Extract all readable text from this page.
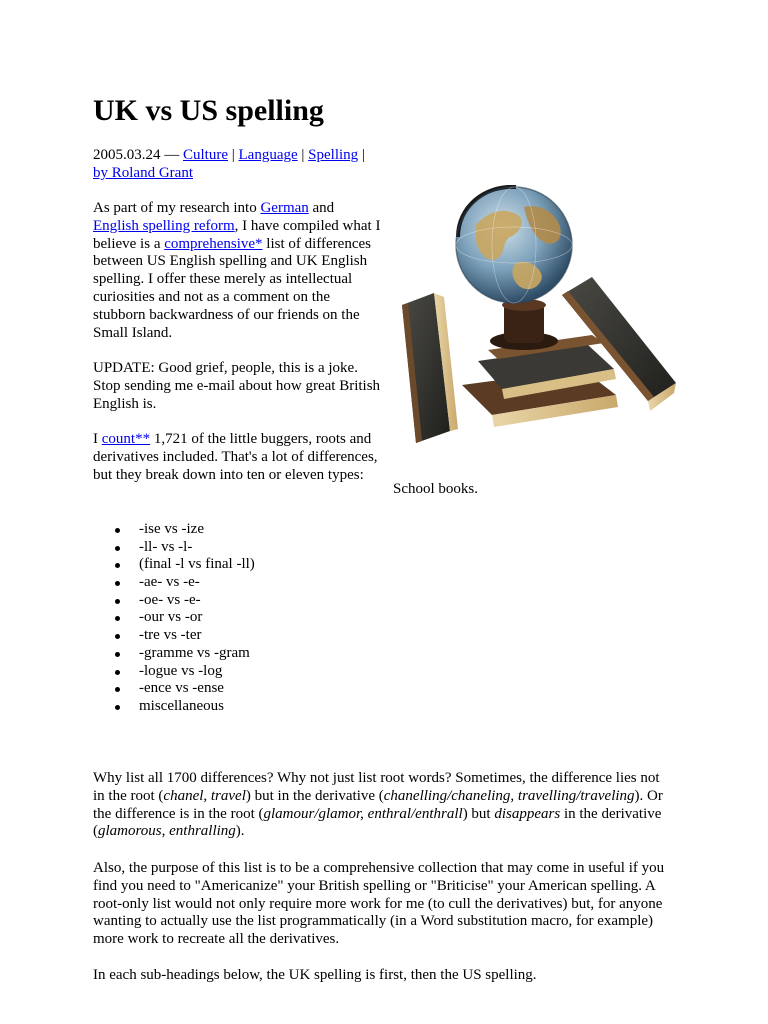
UK vs US spelling

2005.03.24 — Culture | Language | Spelling |
by Roland Grant

As part of my research into German and English spelling reform, I have compiled what I believe is a comprehensive* list of differences between US English spelling and UK English spelling. I offer these merely as intellectual curiosities and not as a comment on the stubborn backwardness of our friends on the Small Island.

UPDATE: Good grief, people, this is a joke. Stop sending me e-mail about how great British English is.

I count** 1,721 of the little buggers, roots and derivatives included. That's a lot of differences, but they break down into ten or eleven types:

-ise vs -ize
-ll- vs -l-
(final -l vs final -ll)
-ae- vs -e-
-oe- vs -e-
-our vs -or
-tre vs -ter
-gramme vs -gram
-logue vs -log
-ence vs -ense
miscellaneous

Why list all 1700 differences? Why not just list root words? Sometimes, the difference lies not in the root (chanel, travel) but in the derivative (chanelling/chaneling, travelling/traveling). Or the difference is in the root (glamour/glamor, enthral/enthrall) but disappears in the derivative (glamorous, enthralling).

Also, the purpose of this list is to be a comprehensive collection that may come in useful if you find you need to "Americanize" your British spelling or "Briticise" your American spelling. A root-only list would not only require more work for me (to cull the derivatives) but, for anyone wanting to actually use the list programmatically (in a Word substitution macro, for example) more work to recreate all the derivatives.

In each sub-headings below, the UK spelling is first, then the US spelling.

School books.
